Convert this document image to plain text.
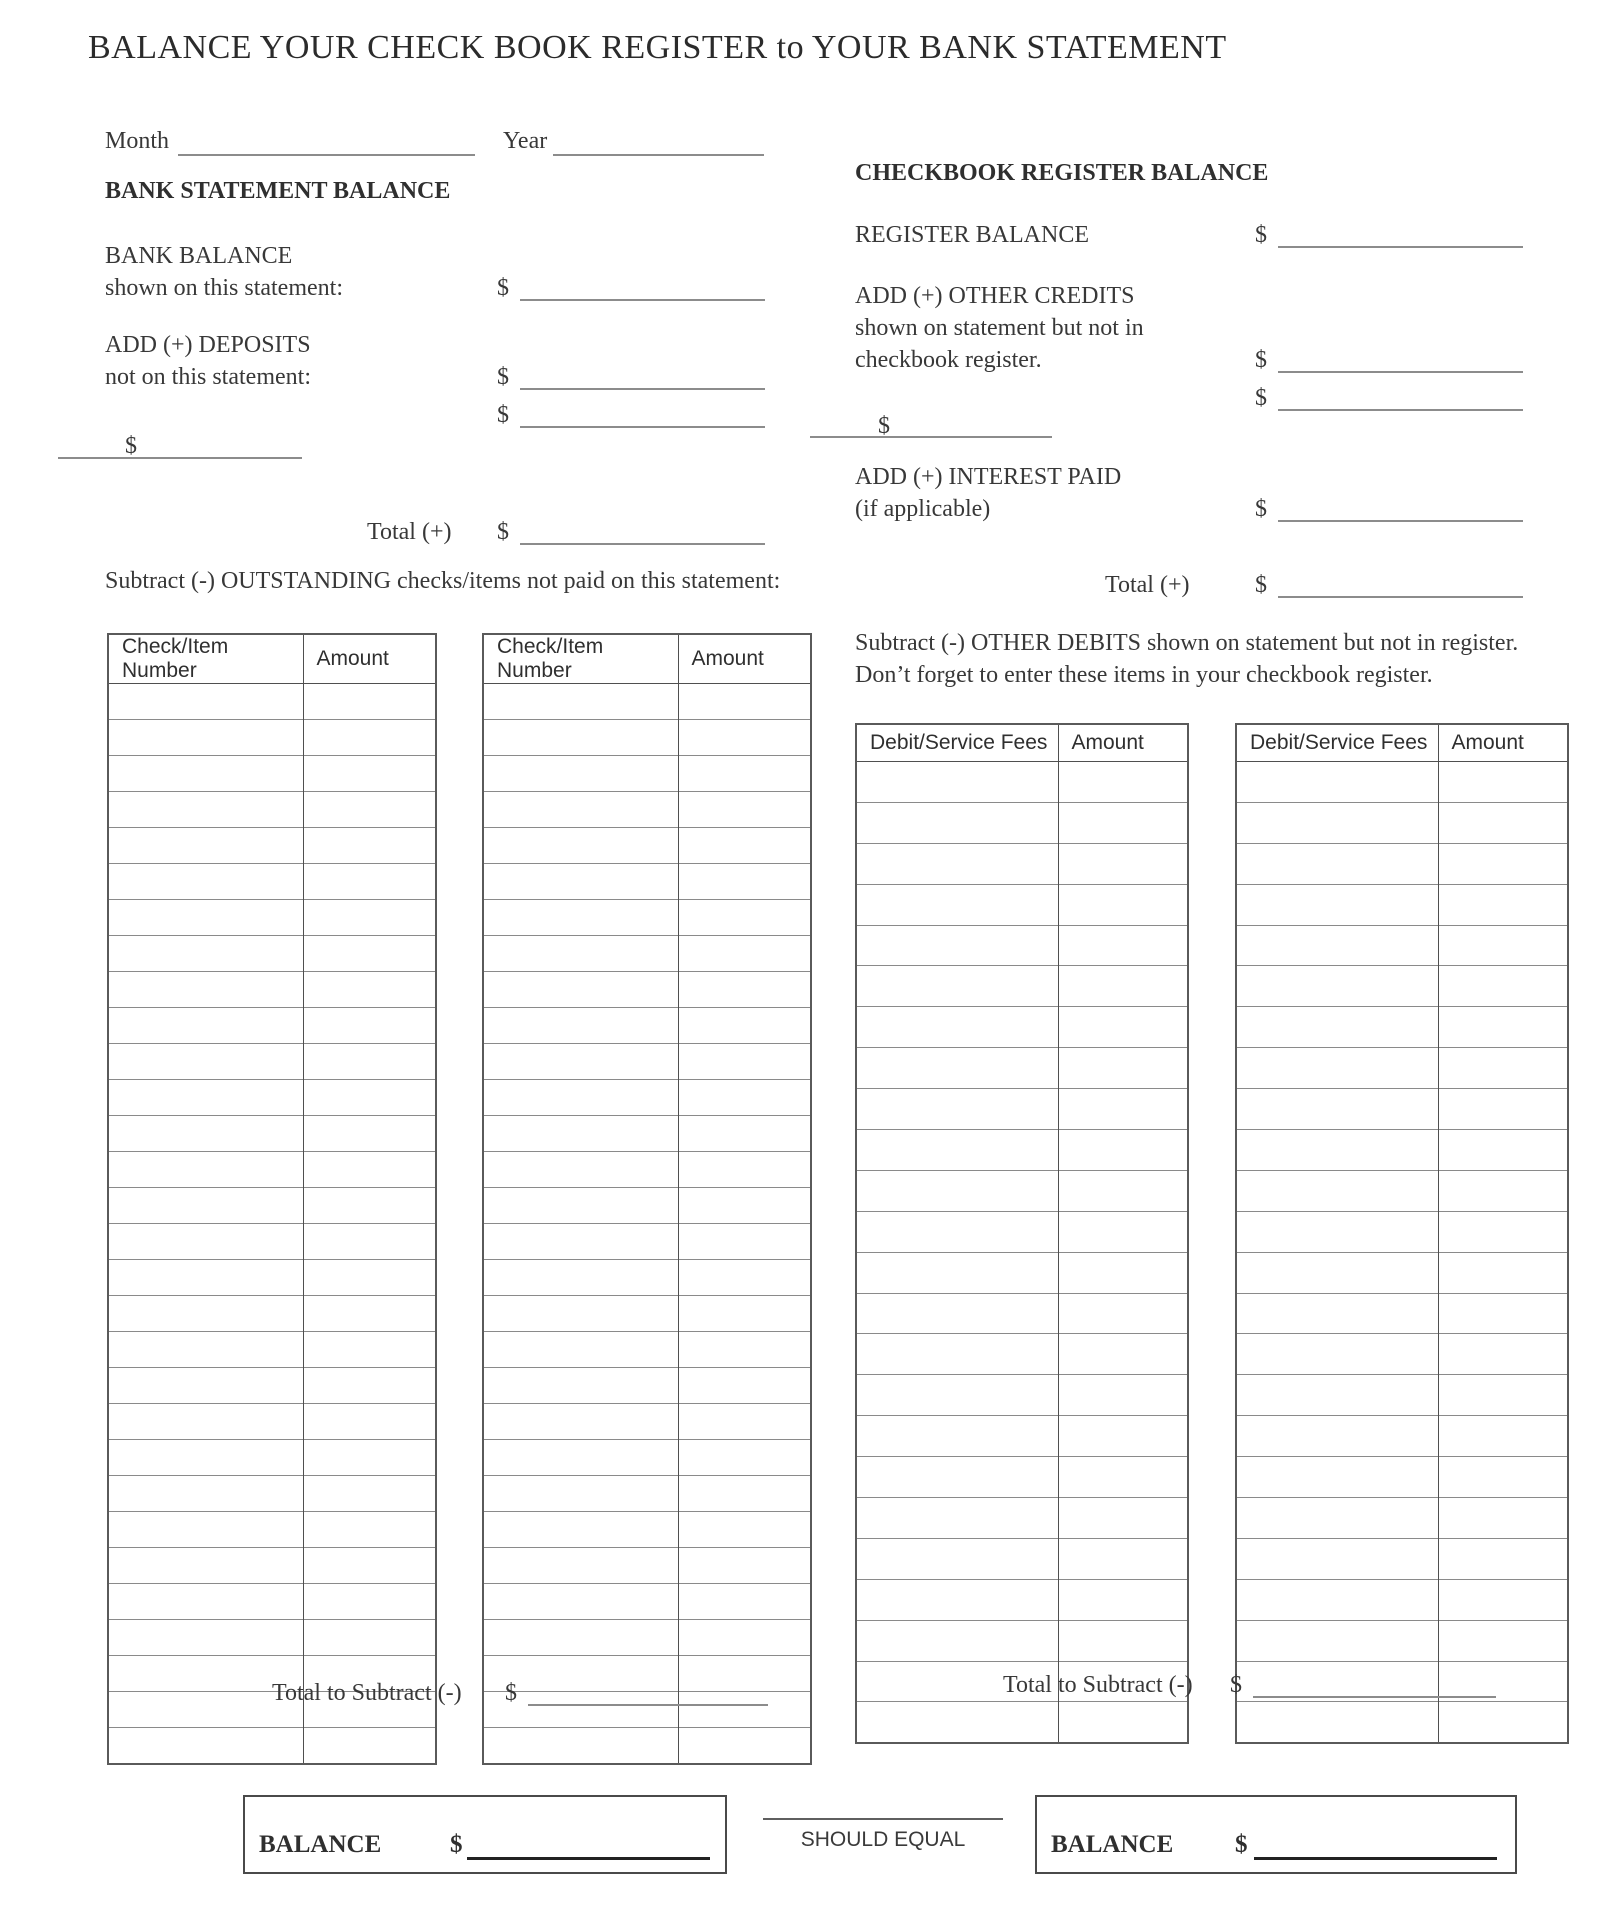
BALANCE YOUR CHECK BOOK REGISTER to YOUR BANK STATEMENT
Month	Year
BANK STATEMENT BALANCE
BANK BALANCE
shown on this statement:	$
ADD (+) DEPOSITS
not on this statement:	$
$
$
Total (+) $
Subtract (-) OUTSTANDING checks/items not paid on this statement:
Check/Item Number	Amount

Check/Item Number	Amount

Total to Subtract (-) $
CHECKBOOK REGISTER BALANCE
REGISTER BALANCE	$
ADD (+) OTHER CREDITS
shown on statement but not in
checkbook register.	$
$
$
ADD (+) INTEREST PAID
(if applicable)	$
Total (+)	$
Subtract (-) OTHER DEBITS shown on statement but not in register.
Don’t forget to enter these items in your checkbook register.
Debit/Service Fees	Amount

		Debit/Service Fees	Amount

Total to Subtract (-) $
BALANCE	$	SHOULD EQUAL	BALANCE $
